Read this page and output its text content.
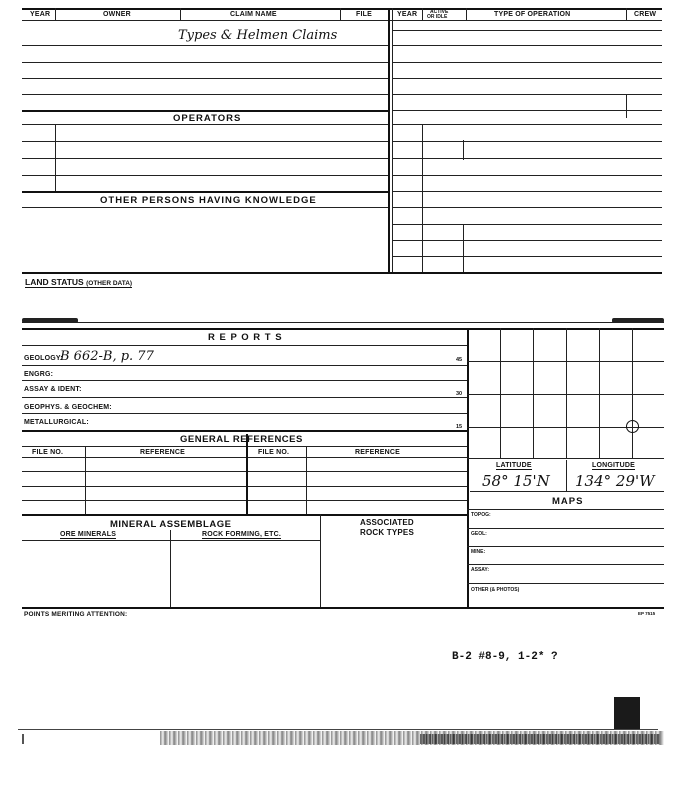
YEAR	OWNER	CLAIM NAME	FILE	YEAR	ACTIVE
OR IDLE	TYPE OF OPERATION	CREW
Types & Helmen Claims
OPERATORS
OTHER PERSONS HAVING KNOWLEDGE
LAND STATUS (OTHER DATA)
R E P O R T S
GEOLOGY:
B 662-B, p. 77	45
ENGRG:
ASSAY & IDENT:
30
GEOPHYS. & GEOCHEM:
METALLURGICAL:
15
GENERAL REFERENCES
FILE NO.	REFERENCE	FILE NO.	REFERENCE
MINERAL ASSEMBLAGE
ORE MINERALS	ROCK FORMING, ETC.
ASSOCIATED
ROCK TYPES
LATITUDE	LONGITUDE
58° 15'N 134° 29'W
MAPS
TOPOG:
GEOL:
MINE:
ASSAY:
OTHER (& PHOTOS)
POINTS MERITING ATTENTION:	EP 7515
B-2 #8-9, 1-2* ?
